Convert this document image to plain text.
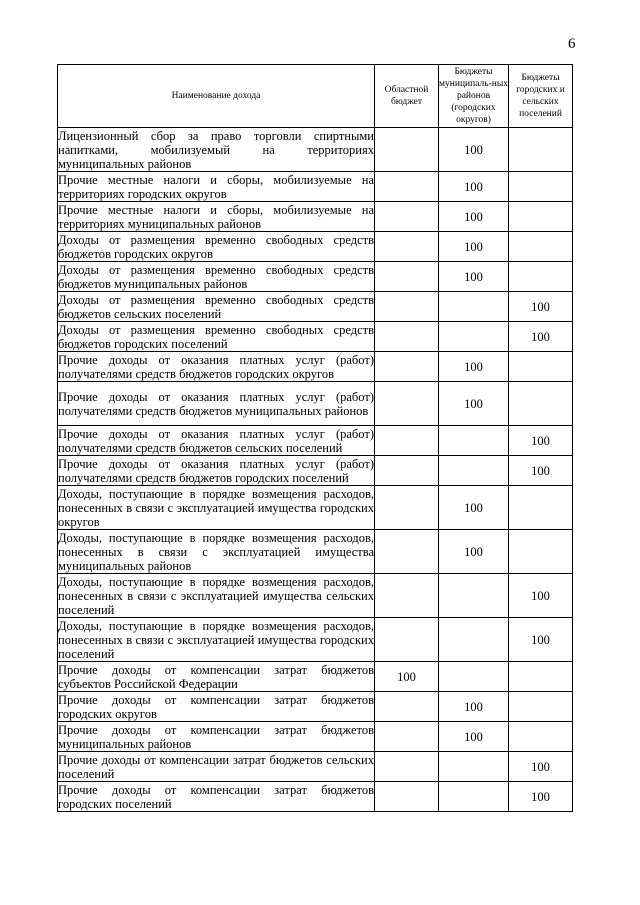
6
Наименование дохода	Областной бюджет	Бюджеты муниципаль-ных районов (городских округов)	Бюджеты городских и сельских поселений
Лицензионный сбор за право торговли спиртными напитками, мобилизуемый на территориях муниципальных районов		100	
Прочие местные налоги и сборы, мобилизуемые на территориях городских округов		100	
Прочие местные налоги и сборы, мобилизуемые на территориях муниципальных районов		100	
Доходы от размещения временно свободных средств бюджетов городских округов		100	
Доходы от размещения временно свободных средств бюджетов муниципальных районов		100	
Доходы от размещения временно свободных средств бюджетов сельских поселений			100
Доходы от размещения временно свободных средств бюджетов городских поселений			100
Прочие доходы от оказания платных услуг (работ) получателями средств бюджетов городских округов		100	
Прочие доходы от оказания платных услуг (работ) получателями средств бюджетов муниципальных районов		100	
Прочие доходы от оказания платных услуг (работ) получателями средств бюджетов сельских поселений			100
Прочие доходы от оказания платных услуг (работ) получателями средств бюджетов городских поселений			100
Доходы, поступающие в порядке возмещения расходов, понесенных в связи с эксплуатацией имущества городских округов		100	
Доходы, поступающие в порядке возмещения расходов, понесенных в связи с эксплуатацией имущества муниципальных районов		100	
Доходы, поступающие в порядке возмещения расходов, понесенных в связи с эксплуатацией имущества сельских поселений			100
Доходы, поступающие в порядке возмещения расходов, понесенных в связи с эксплуатацией имущества городских поселений			100
Прочие доходы от компенсации затрат бюджетов субъектов Российской Федерации	100		
Прочие доходы от компенсации затрат бюджетов городских округов		100	
Прочие доходы от компенсации затрат бюджетов муниципальных районов		100	
Прочие доходы от компенсации затрат бюджетов сельских поселений			100
Прочие доходы от компенсации затрат бюджетов городских поселений			100
